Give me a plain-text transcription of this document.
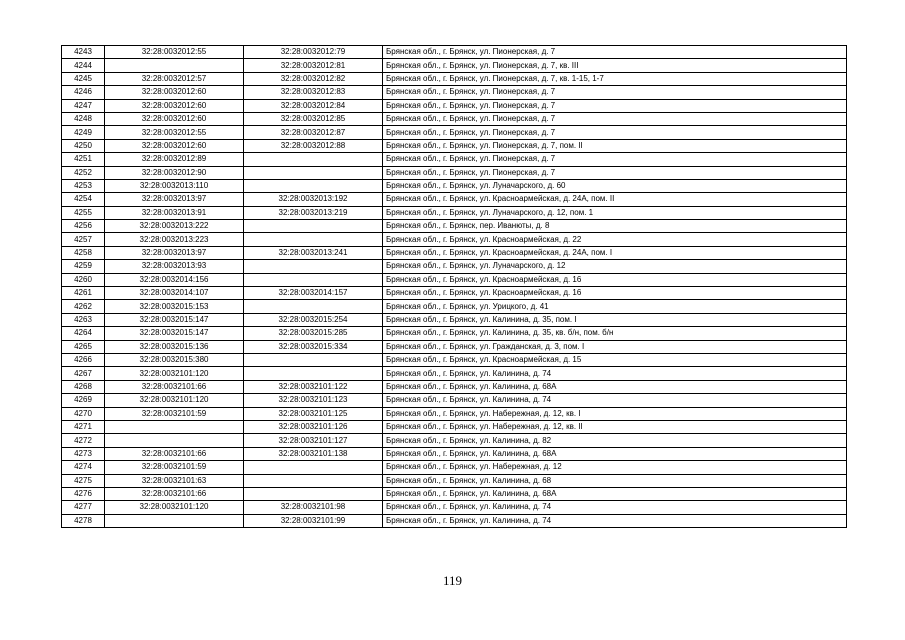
4243	32:28:0032012:55	32:28:0032012:79	Брянская обл., г. Брянск, ул. Пионерская, д. 7
4244		32:28:0032012:81	Брянская обл., г. Брянск, ул. Пионерская, д. 7, кв. III
4245	32:28:0032012:57	32:28:0032012:82	Брянская обл., г. Брянск, ул. Пионерская, д. 7, кв. 1-15, 1-7
4246	32:28:0032012:60	32:28:0032012:83	Брянская обл., г. Брянск, ул. Пионерская, д. 7
4247	32:28:0032012:60	32:28:0032012:84	Брянская обл., г. Брянск, ул. Пионерская, д. 7
4248	32:28:0032012:60	32:28:0032012:85	Брянская обл., г. Брянск, ул. Пионерская, д. 7
4249	32:28:0032012:55	32:28:0032012:87	Брянская обл., г. Брянск, ул. Пионерская, д. 7
4250	32:28:0032012:60	32:28:0032012:88	Брянская обл., г. Брянск, ул. Пионерская, д. 7, пом. II
4251	32:28:0032012:89		Брянская обл., г. Брянск, ул. Пионерская, д. 7
4252	32:28:0032012:90		Брянская обл., г. Брянск, ул. Пионерская, д. 7
4253	32:28:0032013:110		Брянская обл., г. Брянск, ул. Луначарского, д. 60
4254	32:28:0032013:97	32:28:0032013:192	Брянская обл., г. Брянск, ул. Красноармейская, д. 24А, пом. II
4255	32:28:0032013:91	32:28:0032013:219	Брянская обл., г. Брянск, ул. Луначарского, д. 12, пом. 1
4256	32:28:0032013:222		Брянская обл., г. Брянск, пер. Иванюты, д. 8
4257	32:28:0032013:223		Брянская обл., г. Брянск, ул. Красноармейская, д. 22
4258	32:28:0032013:97	32:28:0032013:241	Брянская обл., г. Брянск, ул. Красноармейская, д. 24А, пом. I
4259	32:28:0032013:93		Брянская обл., г. Брянск, ул. Луначарского, д. 12
4260	32:28:0032014:156		Брянская обл., г. Брянск, ул. Красноармейская, д. 16
4261	32:28:0032014:107	32:28:0032014:157	Брянская обл., г. Брянск, ул. Красноармейская, д. 16
4262	32:28:0032015:153		Брянская обл., г. Брянск, ул. Урицкого, д. 41
4263	32:28:0032015:147	32:28:0032015:254	Брянская обл., г. Брянск, ул. Калинина, д. 35, пом. I
4264	32:28:0032015:147	32:28:0032015:285	Брянская обл., г. Брянск, ул. Калинина, д. 35, кв. б/н, пом. б/н
4265	32:28:0032015:136	32:28:0032015:334	Брянская обл., г. Брянск, ул. Гражданская, д. 3, пом. I
4266	32:28:0032015:380		Брянская обл., г. Брянск, ул. Красноармейская, д. 15
4267	32:28:0032101:120		Брянская обл., г. Брянск, ул. Калинина, д. 74
4268	32:28:0032101:66	32:28:0032101:122	Брянская обл., г. Брянск, ул. Калинина, д. 68А
4269	32:28:0032101:120	32:28:0032101:123	Брянская обл., г. Брянск, ул. Калинина, д. 74
4270	32:28:0032101:59	32:28:0032101:125	Брянская обл., г. Брянск, ул. Набережная, д. 12, кв. I
4271		32:28:0032101:126	Брянская обл., г. Брянск, ул. Набережная, д. 12, кв. II
4272		32:28:0032101:127	Брянская обл., г. Брянск, ул. Калинина, д. 82
4273	32:28:0032101:66	32:28:0032101:138	Брянская обл., г. Брянск, ул. Калинина, д. 68А
4274	32:28:0032101:59		Брянская обл., г. Брянск, ул. Набережная, д. 12
4275	32:28:0032101:63		Брянская обл., г. Брянск, ул. Калинина, д. 68
4276	32:28:0032101:66		Брянская обл., г. Брянск, ул. Калинина, д. 68А
4277	32:28:0032101:120	32:28:0032101:98	Брянская обл., г. Брянск, ул. Калинина, д. 74
4278		32:28:0032101:99	Брянская обл., г. Брянск, ул. Калинина, д. 74
119
